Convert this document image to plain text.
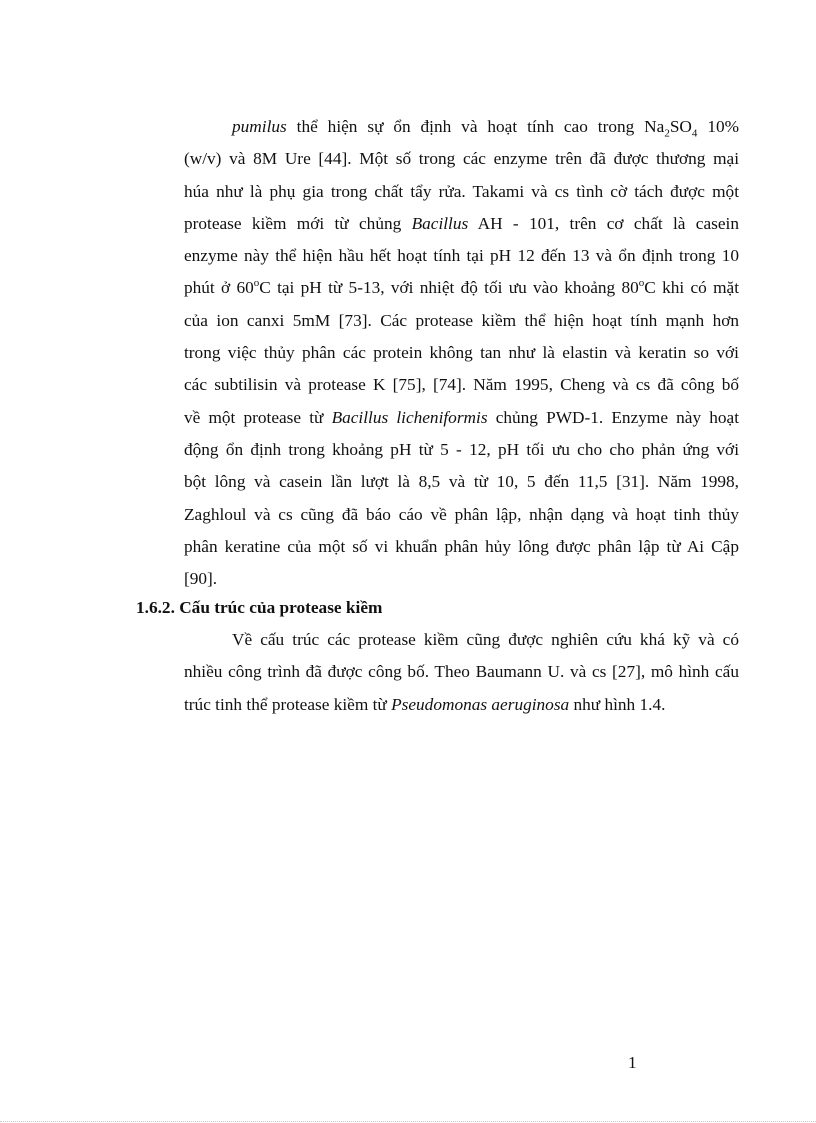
pumilus thể hiện sự ổn định và hoạt tính cao trong $Na_2SO_4$ 10%
(w/v) và 8M Ure [44]. Một số trong các enzyme trên đã được thương mại
húa như là phụ gia trong chất tẩy rửa. Takami và cs tình cờ tách được một
protease kiềm mới từ chủng Bacillus AH - 101, trên cơ chất là casein
enzyme này thể hiện hầu hết hoạt tính tại pH 12 đến 13 và ổn định trong 10
phút ở 60$^o$C tại pH từ 5-13, với nhiệt độ tối ưu vào khoảng 80$^o$C khi có mặt
của ion canxi 5mM [73]. Các protease kiềm thể hiện hoạt tính mạnh hơn
trong việc thủy phân các protein không tan như là elastin và keratin so với
các subtilisin và protease K [75], [74]. Năm 1995, Cheng và cs đã công bố
về một protease từ Bacillus licheniformis chủng PWD-1. Enzyme này hoạt
động ổn định trong khoảng pH từ 5 - 12, pH tối ưu cho cho phản ứng với
bột lông và casein lần lượt là 8,5 và từ 10, 5 đến 11,5 [31]. Năm 1998,
Zaghloul và cs cũng đã báo cáo về phân lập, nhận dạng và hoạt tinh thủy
phân keratine của một số vi khuẩn phân hủy lông được phân lập từ Ai Cập
[90].
1.6.2. Cấu trúc của protease kiềm
Về cấu trúc các protease kiềm cũng được nghiên cứu khá kỹ và có
nhiều công trình đã được công bố. Theo Baumann U. và cs [27], mô hình cấu
trúc tinh thể protease kiềm từ Pseudomonas aeruginosa như hình 1.4.
1
